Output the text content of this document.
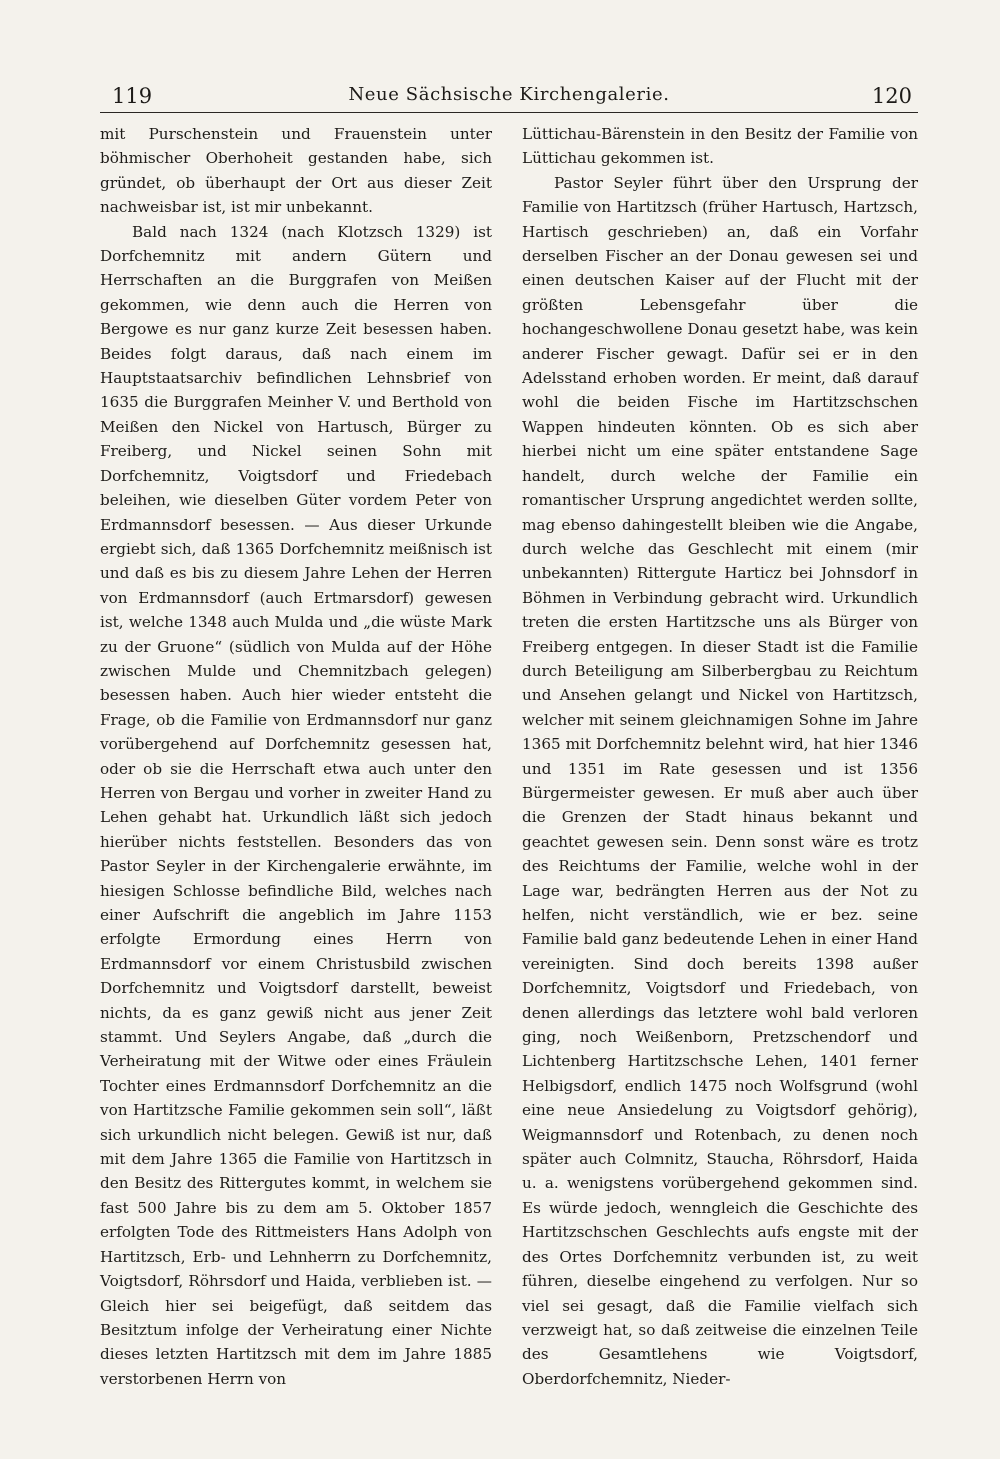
119	Neue Sächsische Kirchengalerie.	120

mit Purschenstein und Frauenstein unter böhmischer Oberhoheit gestanden habe, sich gründet, ob überhaupt der Ort aus dieser Zeit nachweisbar ist, ist mir unbekannt.

Bald nach 1324 (nach Klotzsch 1329) ist Dorfchemnitz mit andern Gütern und Herrschaften an die Burggrafen von Meißen gekommen, wie denn auch die Herren von Bergowe es nur ganz kurze Zeit besessen haben. Beides folgt daraus, daß nach einem im Hauptstaatsarchiv befindlichen Lehnsbrief von 1635 die Burggrafen Meinher V. und Berthold von Meißen den Nickel von Hartusch, Bürger zu Freiberg, und Nickel seinen Sohn mit Dorfchemnitz, Voigtsdorf und Friedebach beleihen, wie dieselben Güter vordem Peter von Erdmannsdorf besessen. — Aus dieser Urkunde ergiebt sich, daß 1365 Dorfchemnitz meißnisch ist und daß es bis zu diesem Jahre Lehen der Herren von Erdmannsdorf (auch Ertmarsdorf) gewesen ist, welche 1348 auch Mulda und „die wüste Mark zu der Gruone“ (südlich von Mulda auf der Höhe zwischen Mulde und Chemnitzbach gelegen) besessen haben. Auch hier wieder entsteht die Frage, ob die Familie von Erdmannsdorf nur ganz vorübergehend auf Dorfchemnitz gesessen hat, oder ob sie die Herrschaft etwa auch unter den Herren von Bergau und vorher in zweiter Hand zu Lehen gehabt hat. Urkundlich läßt sich jedoch hierüber nichts feststellen. Besonders das von Pastor Seyler in der Kirchengalerie erwähnte, im hiesigen Schlosse befindliche Bild, welches nach einer Aufschrift die angeblich im Jahre 1153 erfolgte Ermordung eines Herrn von Erdmannsdorf vor einem Christusbild zwischen Dorfchemnitz und Voigtsdorf darstellt, beweist nichts, da es ganz gewiß nicht aus jener Zeit stammt. Und Seylers Angabe, daß „durch die Verheiratung mit der Witwe oder eines Fräulein Tochter eines Erdmannsdorf Dorfchemnitz an die von Hartitzsche Familie gekommen sein soll“, läßt sich urkundlich nicht belegen. Gewiß ist nur, daß mit dem Jahre 1365 die Familie von Hartitzsch in den Besitz des Rittergutes kommt, in welchem sie fast 500 Jahre bis zu dem am 5. Oktober 1857 erfolgten Tode des Rittmeisters Hans Adolph von Hartitzsch, Erb- und Lehnherrn zu Dorfchemnitz, Voigtsdorf, Röhrsdorf und Haida, verblieben ist. — Gleich hier sei beigefügt, daß seitdem das Besitztum infolge der Verheiratung einer Nichte dieses letzten Hartitzsch mit dem im Jahre 1885 verstorbenen Herrn von

Lüttichau-Bärenstein in den Besitz der Familie von Lüttichau gekommen ist.

Pastor Seyler führt über den Ursprung der Familie von Hartitzsch (früher Hartusch, Hartzsch, Hartisch geschrieben) an, daß ein Vorfahr derselben Fischer an der Donau gewesen sei und einen deutschen Kaiser auf der Flucht mit der größten Lebensgefahr über die hochangeschwollene Donau gesetzt habe, was kein anderer Fischer gewagt. Dafür sei er in den Adelsstand erhoben worden. Er meint, daß darauf wohl die beiden Fische im Hartitzschschen Wappen hindeuten könnten. Ob es sich aber hierbei nicht um eine später entstandene Sage handelt, durch welche der Familie ein romantischer Ursprung angedichtet werden sollte, mag ebenso dahingestellt bleiben wie die Angabe, durch welche das Geschlecht mit einem (mir unbekannten) Rittergute Harticz bei Johnsdorf in Böhmen in Verbindung gebracht wird. Urkundlich treten die ersten Hartitzsche uns als Bürger von Freiberg entgegen. In dieser Stadt ist die Familie durch Beteiligung am Silberbergbau zu Reichtum und Ansehen gelangt und Nickel von Hartitzsch, welcher mit seinem gleichnamigen Sohne im Jahre 1365 mit Dorfchemnitz belehnt wird, hat hier 1346 und 1351 im Rate gesessen und ist 1356 Bürgermeister gewesen. Er muß aber auch über die Grenzen der Stadt hinaus bekannt und geachtet gewesen sein. Denn sonst wäre es trotz des Reichtums der Familie, welche wohl in der Lage war, bedrängten Herren aus der Not zu helfen, nicht verständlich, wie er bez. seine Familie bald ganz bedeutende Lehen in einer Hand vereinigten. Sind doch bereits 1398 außer Dorfchemnitz, Voigtsdorf und Friedebach, von denen allerdings das letztere wohl bald verloren ging, noch Weißenborn, Pretzschendorf und Lichtenberg Hartitzschsche Lehen, 1401 ferner Helbigsdorf, endlich 1475 noch Wolfsgrund (wohl eine neue Ansiedelung zu Voigtsdorf gehörig), Weigmannsdorf und Rotenbach, zu denen noch später auch Colmnitz, Staucha, Röhrsdorf, Haida u. a. wenigstens vorübergehend gekommen sind. Es würde jedoch, wenngleich die Geschichte des Hartitzschschen Geschlechts aufs engste mit der des Ortes Dorfchemnitz verbunden ist, zu weit führen, dieselbe eingehend zu verfolgen. Nur so viel sei gesagt, daß die Familie vielfach sich verzweigt hat, so daß zeitweise die einzelnen Teile des Gesamtlehens wie Voigtsdorf, Oberdorfchemnitz, Nieder-
